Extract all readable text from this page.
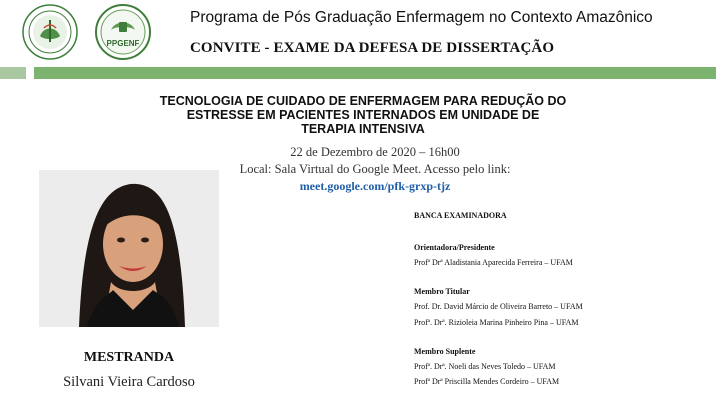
PPGENF
Programa de Pós Graduação Enfermagem no Contexto Amazônico
CONVITE - EXAME DA DEFESA DE DISSERTAÇÃO
TECNOLOGIA DE CUIDADO DE ENFERMAGEM PARA REDUÇÃO DO
ESTRESSE EM PACIENTES INTERNADOS EM UNIDADE DE
TERAPIA INTENSIVA
22 de Dezembro de 2020 – 16h00
Local: Sala Virtual do Google Meet. Acesso pelo link:
meet.google.com/pfk-grxp-tjz
MESTRANDA
Silvani Vieira Cardoso
BANCA EXAMINADORA
Orientadora/Presidente
Profª Drª Aladistania Aparecida Ferreira – UFAM
Membro Titular
Prof. Dr. David Márcio de Oliveira Barreto – UFAM
Profª. Drª. Rizioleia Marina Pinheiro Pina – UFAM
Membro Suplente
Profª. Drª. Noeli das Neves Toledo – UFAM
Profª Drª Priscilla Mendes Cordeiro – UFAM
